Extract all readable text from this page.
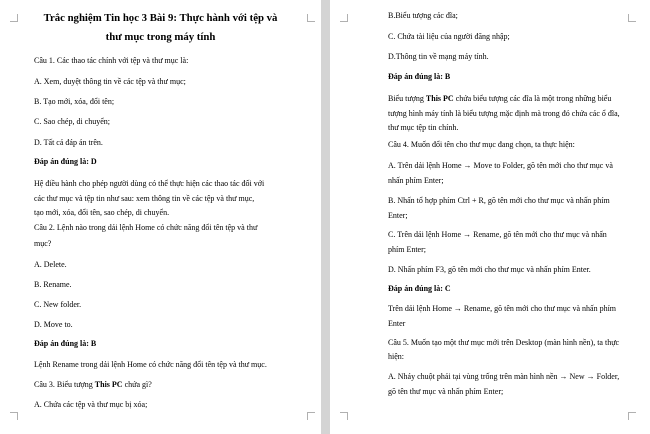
Trắc nghiệm Tin học 3 Bài 9: Thực hành với tệp và
thư mục trong máy tính
Câu 1. Các thao tác chính với tệp và thư mục là:
A. Xem, duyệt thông tin về các tệp và thư mục;
B. Tạo mới, xóa, đổi tên;
C. Sao chép, di chuyển;
D. Tất cả đáp án trên.
Đáp án đúng là: D
Hệ điều hành cho phép người dùng có thể thực hiện các thao tác đối với
các thư mục và tệp tin như sau: xem thông tin về các tệp và thư mục,
tạo mới, xóa, đổi tên, sao chép, di chuyển.
Câu 2. Lệnh nào trong dải lệnh Home có chức năng đổi tên tệp và thư
mục?
A. Delete.
B. Rename.
C. New folder.
D. Move to.
Đáp án đúng là: B
Lệnh Rename trong dải lệnh Home có chức năng đổi tên tệp và thư mục.
Câu 3. Biểu tượng This PC chứa gì?
A. Chứa các tệp và thư mục bị xóa;
B.Biểu tượng các đĩa;
C. Chứa tài liệu của người đăng nhập;
D.Thông tin về mạng máy tính.
Đáp án đúng là: B
Biểu tượng This PC chứa biểu tượng các đĩa là một trong những biểu
tượng hình máy tính là biểu tượng mặc định mà trong đó chứa các ổ đĩa,
thư mục tệp tin chính.
Câu 4. Muốn đổi tên cho thư mục đang chọn, ta thực hiện:
A. Trên dải lệnh Home → Move to Folder, gõ tên mới cho thư mục và
nhấn phím Enter;
B. Nhấn tổ hợp phím Ctrl + R, gõ tên mới cho thư mục và nhấn phím
Enter;
C. Trên dải lệnh Home → Rename, gõ tên mới cho thư mục và nhấn
phím Enter;
D. Nhấn phím F3, gõ tên mới cho thư mục và nhấn phím Enter.
Đáp án đúng là: C
Trên dải lệnh Home → Rename, gõ tên mới cho thư mục và nhấn phím
Enter
Câu 5. Muốn tạo một thư mục mới trên Desktop (màn hình nền), ta thực
hiện:
A. Nháy chuột phải tại vùng trống trên màn hình nền → New → Folder,
gõ tên thư mục và nhấn phím Enter;
